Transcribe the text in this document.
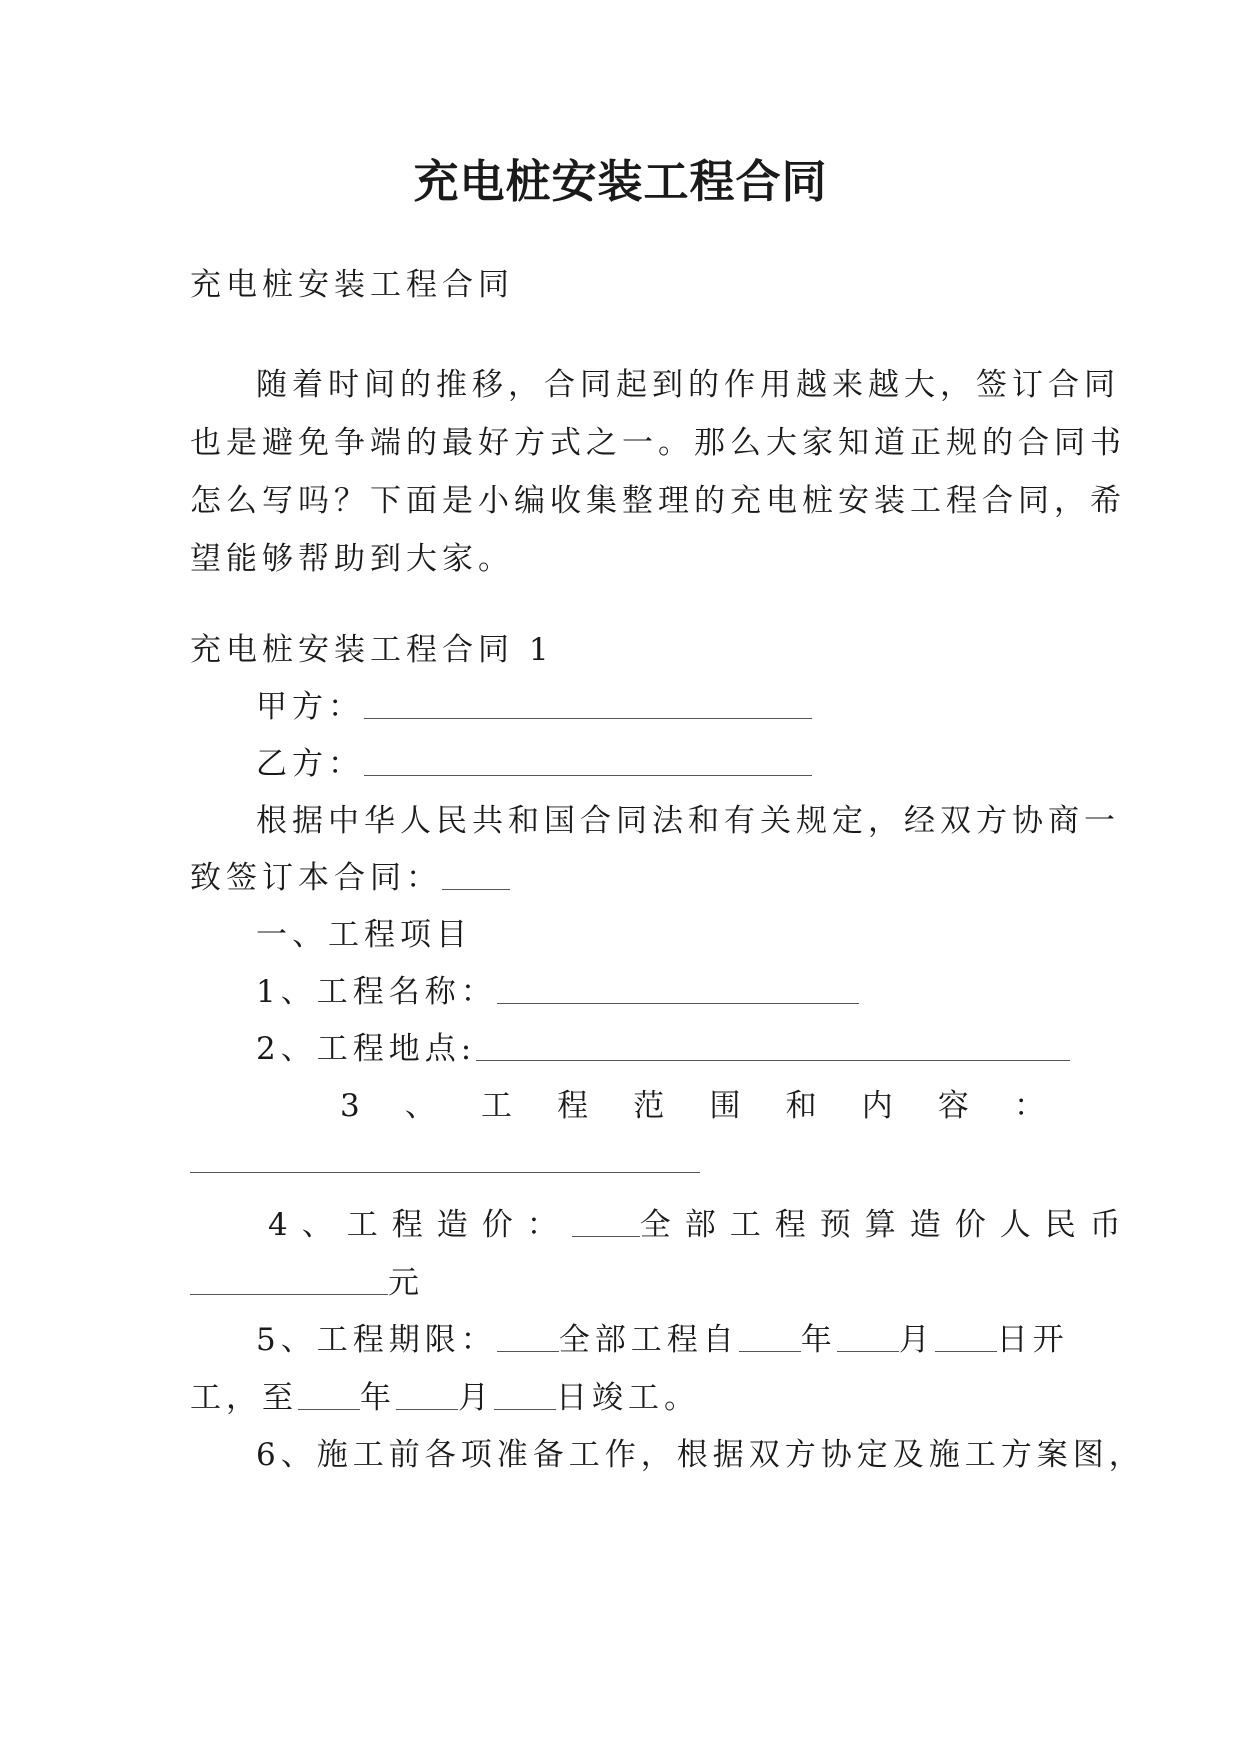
充电桩安装工程合同
充电桩安装工程合同
随着时间的推移，合同起到的作用越来越大，签订合同
也是避免争端的最好方式之一。那么大家知道正规的合同书
怎么写吗？下面是小编收集整理的充电桩安装工程合同，希
望能够帮助到大家。
充电桩安装工程合同 1
甲方：
乙方：
根据中华人民共和国合同法和有关规定，经双方协商一
致签订本合同：
一、工程项目
1、工程名称：
2、工程地点:
3 、 工 程 范 围 和 内 容 ：
4、工程造价： 全部工程预算造价人民币
元
5、工程期限： 全部工程自 年 月 日开
工，至 年 月 日竣工。
6、施工前各项准备工作，根据双方协定及施工方案图，
